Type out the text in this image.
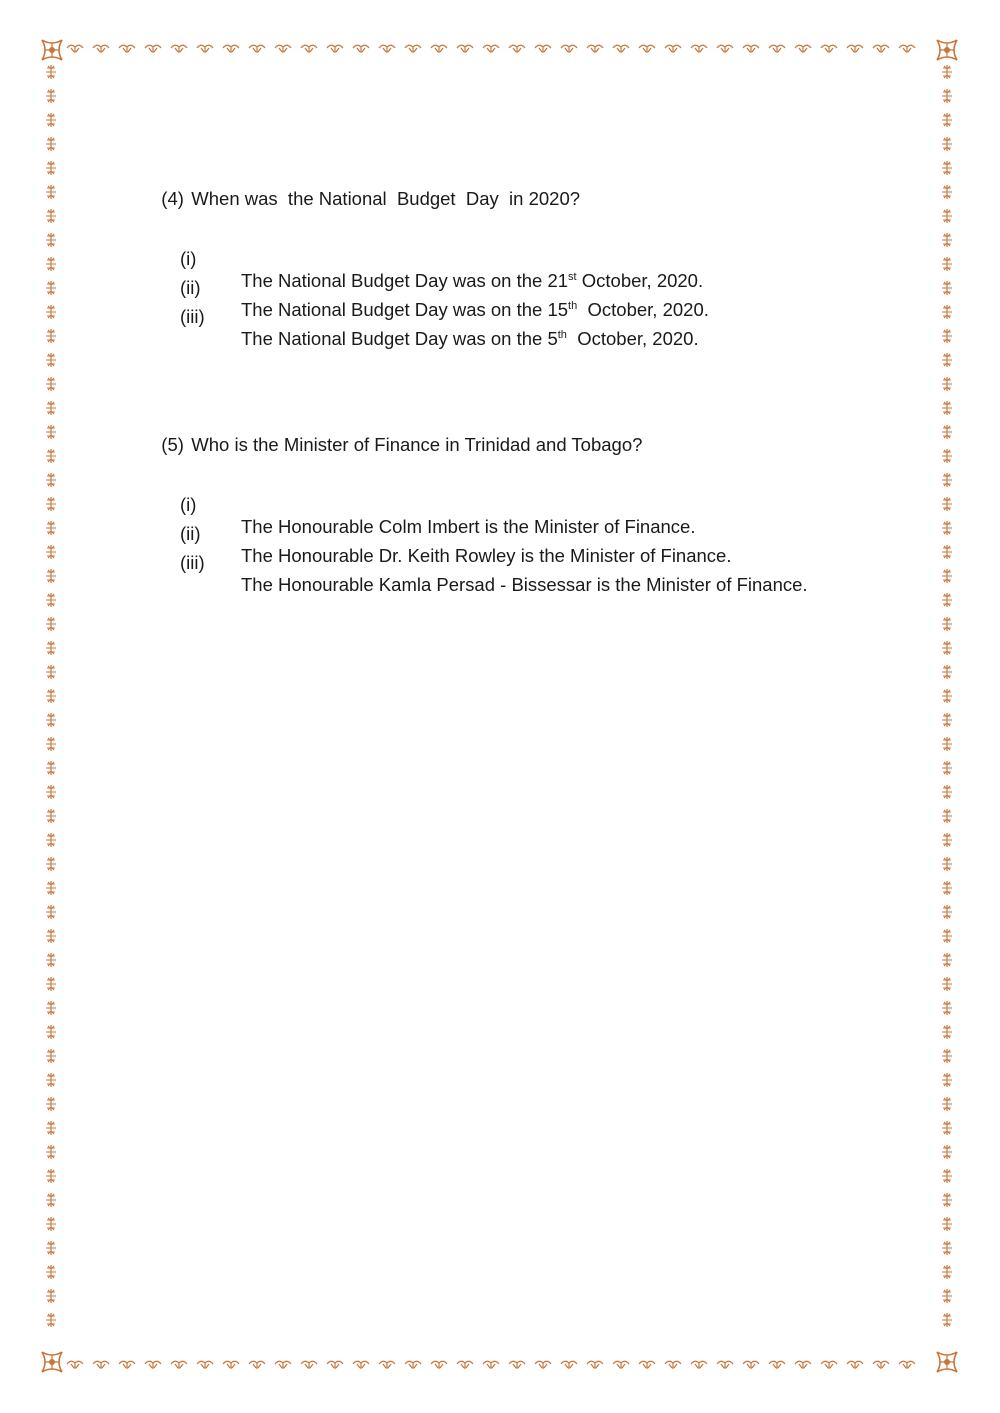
(4) When was  the National  Budget  Day  in 2020?

(i)

The National Budget Day was on the 21st October, 2020.

(ii)

The National Budget Day was on the 15th  October, 2020.

(iii)

The National Budget Day was on the 5th  October, 2020.

(5) Who is the Minister of Finance in Trinidad and Tobago?

(i)

The Honourable Colm Imbert is the Minister of Finance.

(ii)

The Honourable Dr. Keith Rowley is the Minister of Finance.

(iii)

The Honourable Kamla Persad - Bissessar is the Minister of Finance.
